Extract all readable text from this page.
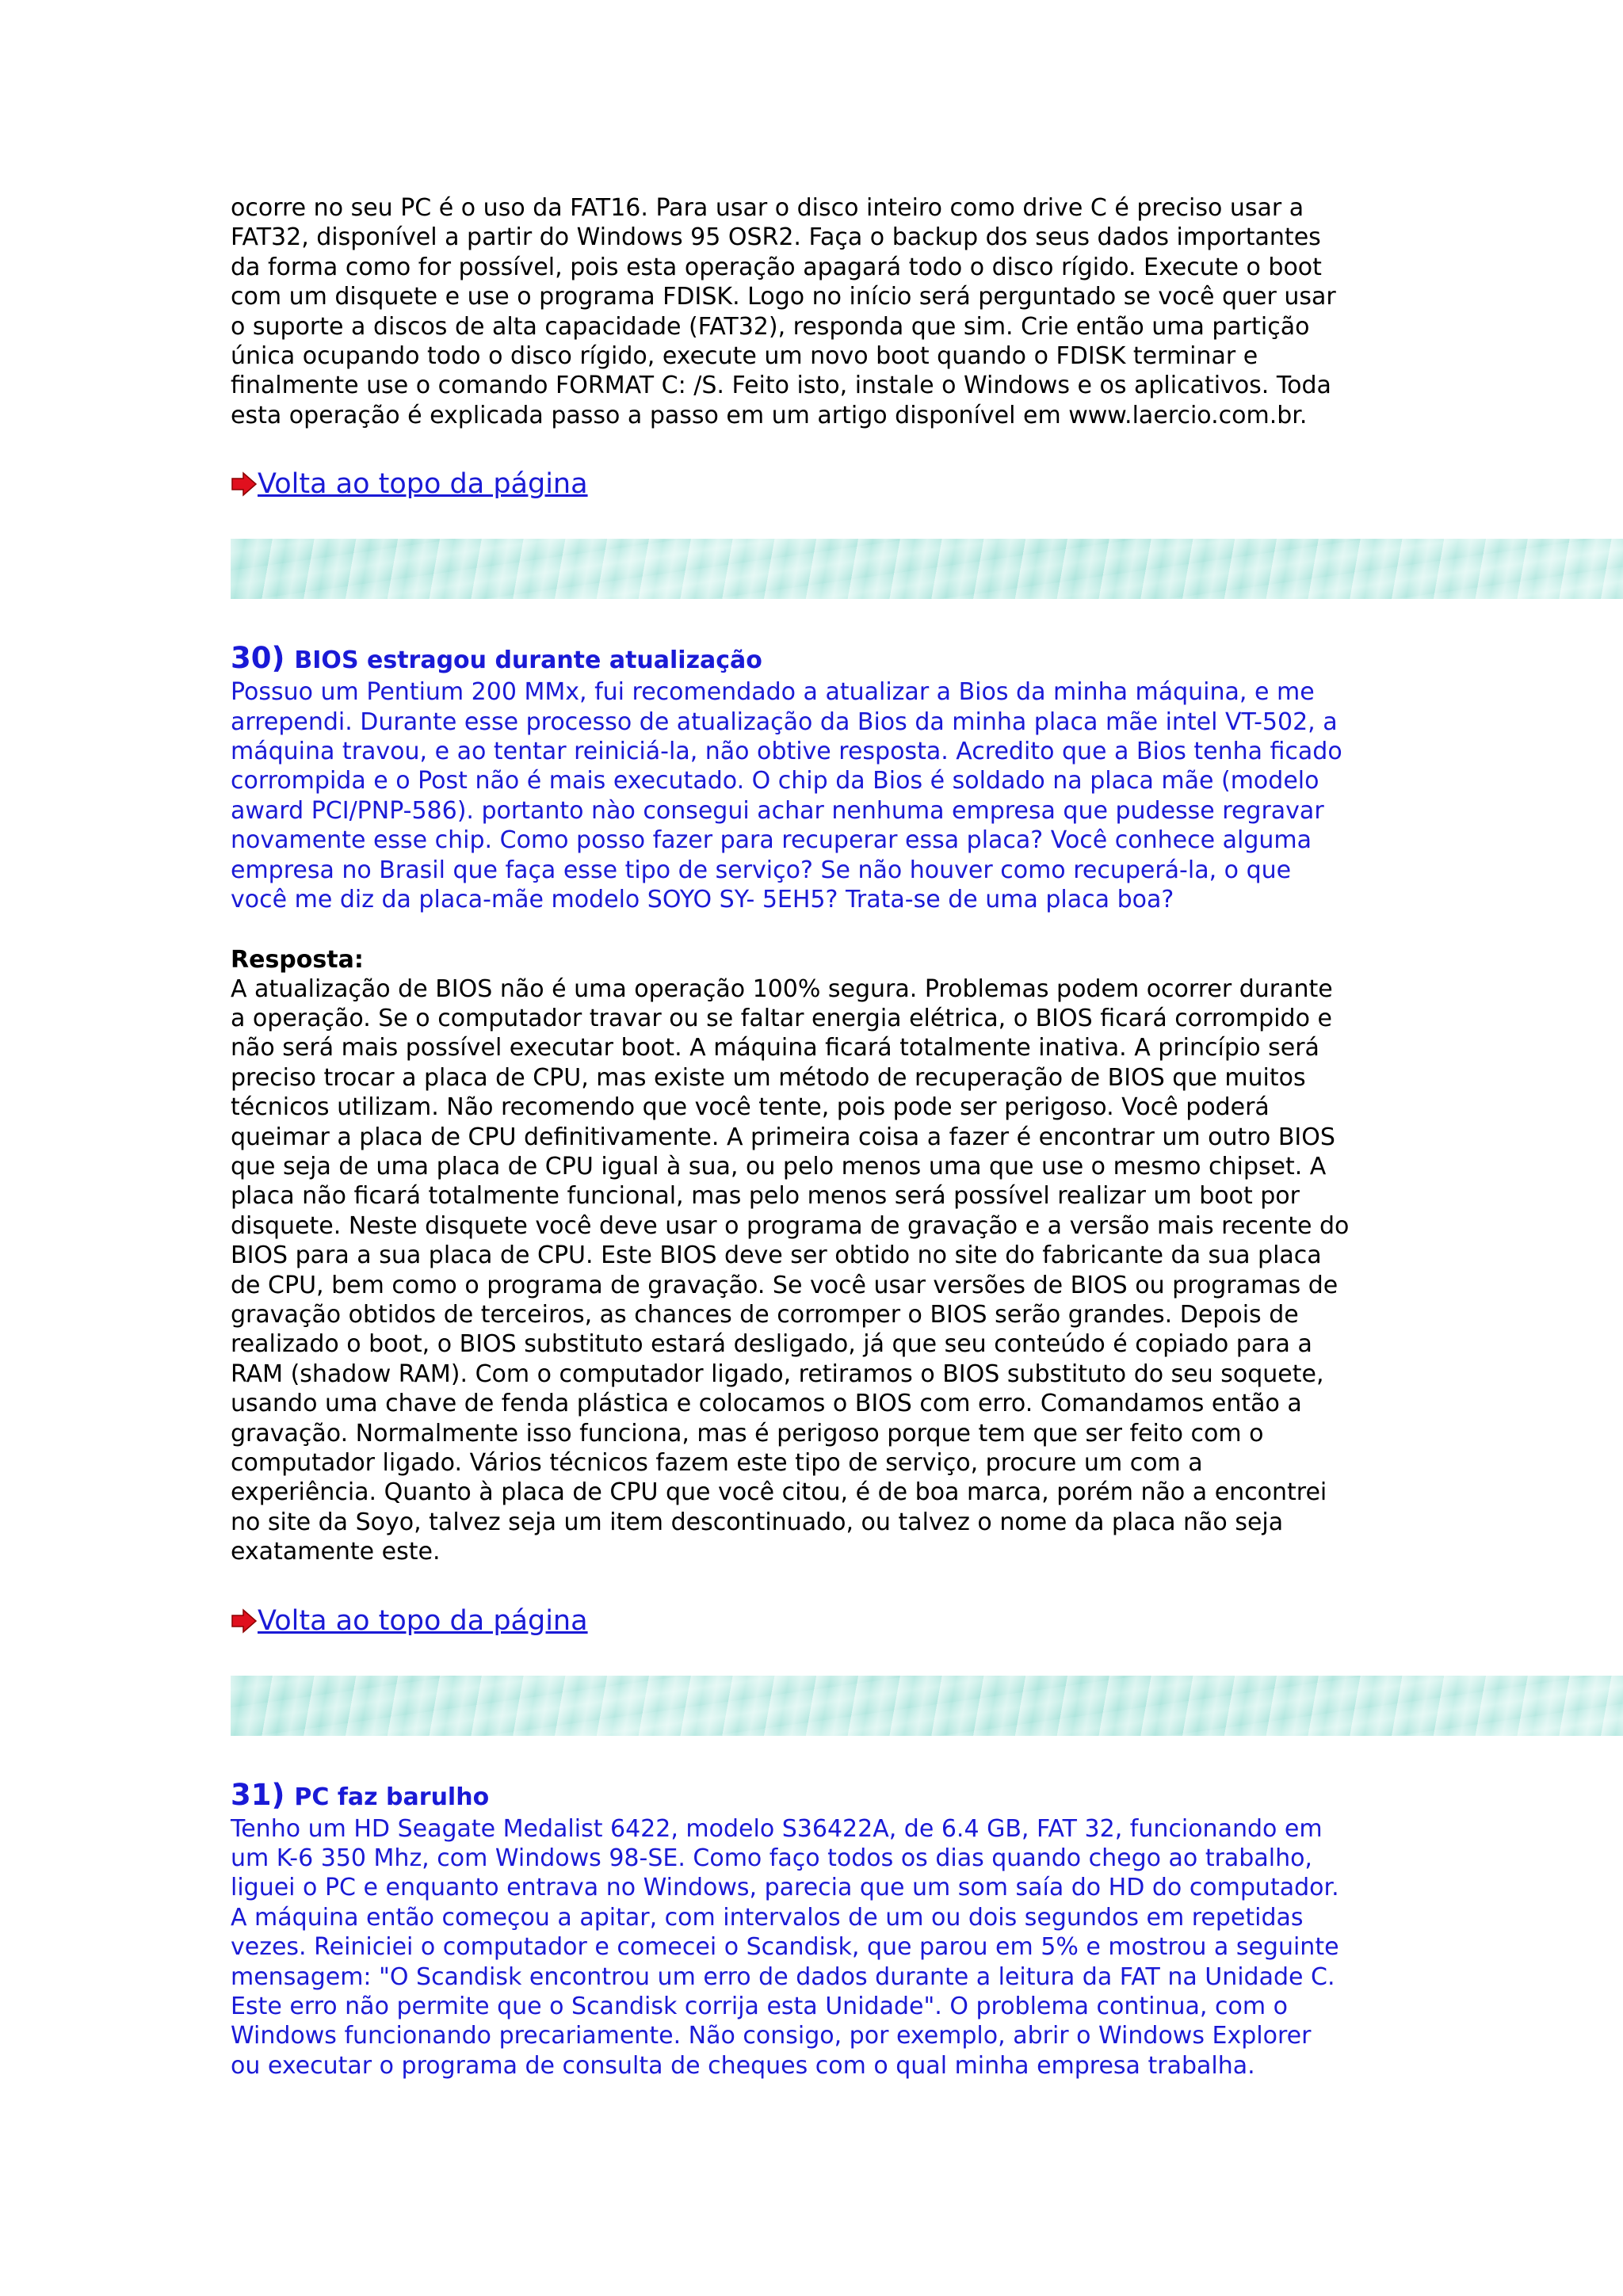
ocorre no seu PC é o uso da FAT16. Para usar o disco inteiro como drive C é preciso usar a
FAT32, disponível a partir do Windows 95 OSR2. Faça o backup dos seus dados importantes
da forma como for possível, pois esta operação apagará todo o disco rígido. Execute o boot
com um disquete e use o programa FDISK. Logo no início será perguntado se você quer usar
o suporte a discos de alta capacidade (FAT32), responda que sim. Crie então uma partição
única ocupando todo o disco rígido, execute um novo boot quando o FDISK terminar e
finalmente use o comando FORMAT C: /S. Feito isto, instale o Windows e os aplicativos. Toda
esta operação é explicada passo a passo em um artigo disponível em www.laercio.com.br.

Volta ao topo da página
30) BIOS estragou durante atualização

Possuo um Pentium 200 MMx, fui recomendado a atualizar a Bios da minha máquina, e me
arrependi. Durante esse processo de atualização da Bios da minha placa mãe intel VT-502, a
máquina travou, e ao tentar reiniciá-la, não obtive resposta. Acredito que a Bios tenha ficado
corrompida e o Post não é mais executado. O chip da Bios é soldado na placa mãe (modelo
award PCI/PNP-586). portanto nào consegui achar nenhuma empresa que pudesse regravar
novamente esse chip. Como posso fazer para recuperar essa placa? Você conhece alguma
empresa no Brasil que faça esse tipo de serviço? Se não houver como recuperá-la, o que
você me diz da placa-mãe modelo SOYO SY- 5EH5? Trata-se de uma placa boa?

Resposta:

A atualização de BIOS não é uma operação 100% segura. Problemas podem ocorrer durante
a operação. Se o computador travar ou se faltar energia elétrica, o BIOS ficará corrompido e
não será mais possível executar boot. A máquina ficará totalmente inativa. A princípio será
preciso trocar a placa de CPU, mas existe um método de recuperação de BIOS que muitos
técnicos utilizam. Não recomendo que você tente, pois pode ser perigoso. Você poderá
queimar a placa de CPU definitivamente. A primeira coisa a fazer é encontrar um outro BIOS
que seja de uma placa de CPU igual à sua, ou pelo menos uma que use o mesmo chipset. A
placa não ficará totalmente funcional, mas pelo menos será possível realizar um boot por
disquete. Neste disquete você deve usar o programa de gravação e a versão mais recente do
BIOS para a sua placa de CPU. Este BIOS deve ser obtido no site do fabricante da sua placa
de CPU, bem como o programa de gravação. Se você usar versões de BIOS ou programas de
gravação obtidos de terceiros, as chances de corromper o BIOS serão grandes. Depois de
realizado o boot, o BIOS substituto estará desligado, já que seu conteúdo é copiado para a
RAM (shadow RAM). Com o computador ligado, retiramos o BIOS substituto do seu soquete,
usando uma chave de fenda plástica e colocamos o BIOS com erro. Comandamos então a
gravação. Normalmente isso funciona, mas é perigoso porque tem que ser feito com o
computador ligado. Vários técnicos fazem este tipo de serviço, procure um com a
experiência. Quanto à placa de CPU que você citou, é de boa marca, porém não a encontrei
no site da Soyo, talvez seja um item descontinuado, ou talvez o nome da placa não seja
exatamente este.

Volta ao topo da página
31) PC faz barulho

Tenho um HD Seagate Medalist 6422, modelo S36422A, de 6.4 GB, FAT 32, funcionando em
um K-6 350 Mhz, com Windows 98-SE. Como faço todos os dias quando chego ao trabalho,
liguei o PC e enquanto entrava no Windows, parecia que um som saía do HD do computador.
A máquina então começou a apitar, com intervalos de um ou dois segundos em repetidas
vezes. Reiniciei o computador e comecei o Scandisk, que parou em 5% e mostrou a seguinte
mensagem: "O Scandisk encontrou um erro de dados durante a leitura da FAT na Unidade C.
Este erro não permite que o Scandisk corrija esta Unidade". O problema continua, com o
Windows funcionando precariamente. Não consigo, por exemplo, abrir o Windows Explorer
ou executar o programa de consulta de cheques com o qual minha empresa trabalha.
